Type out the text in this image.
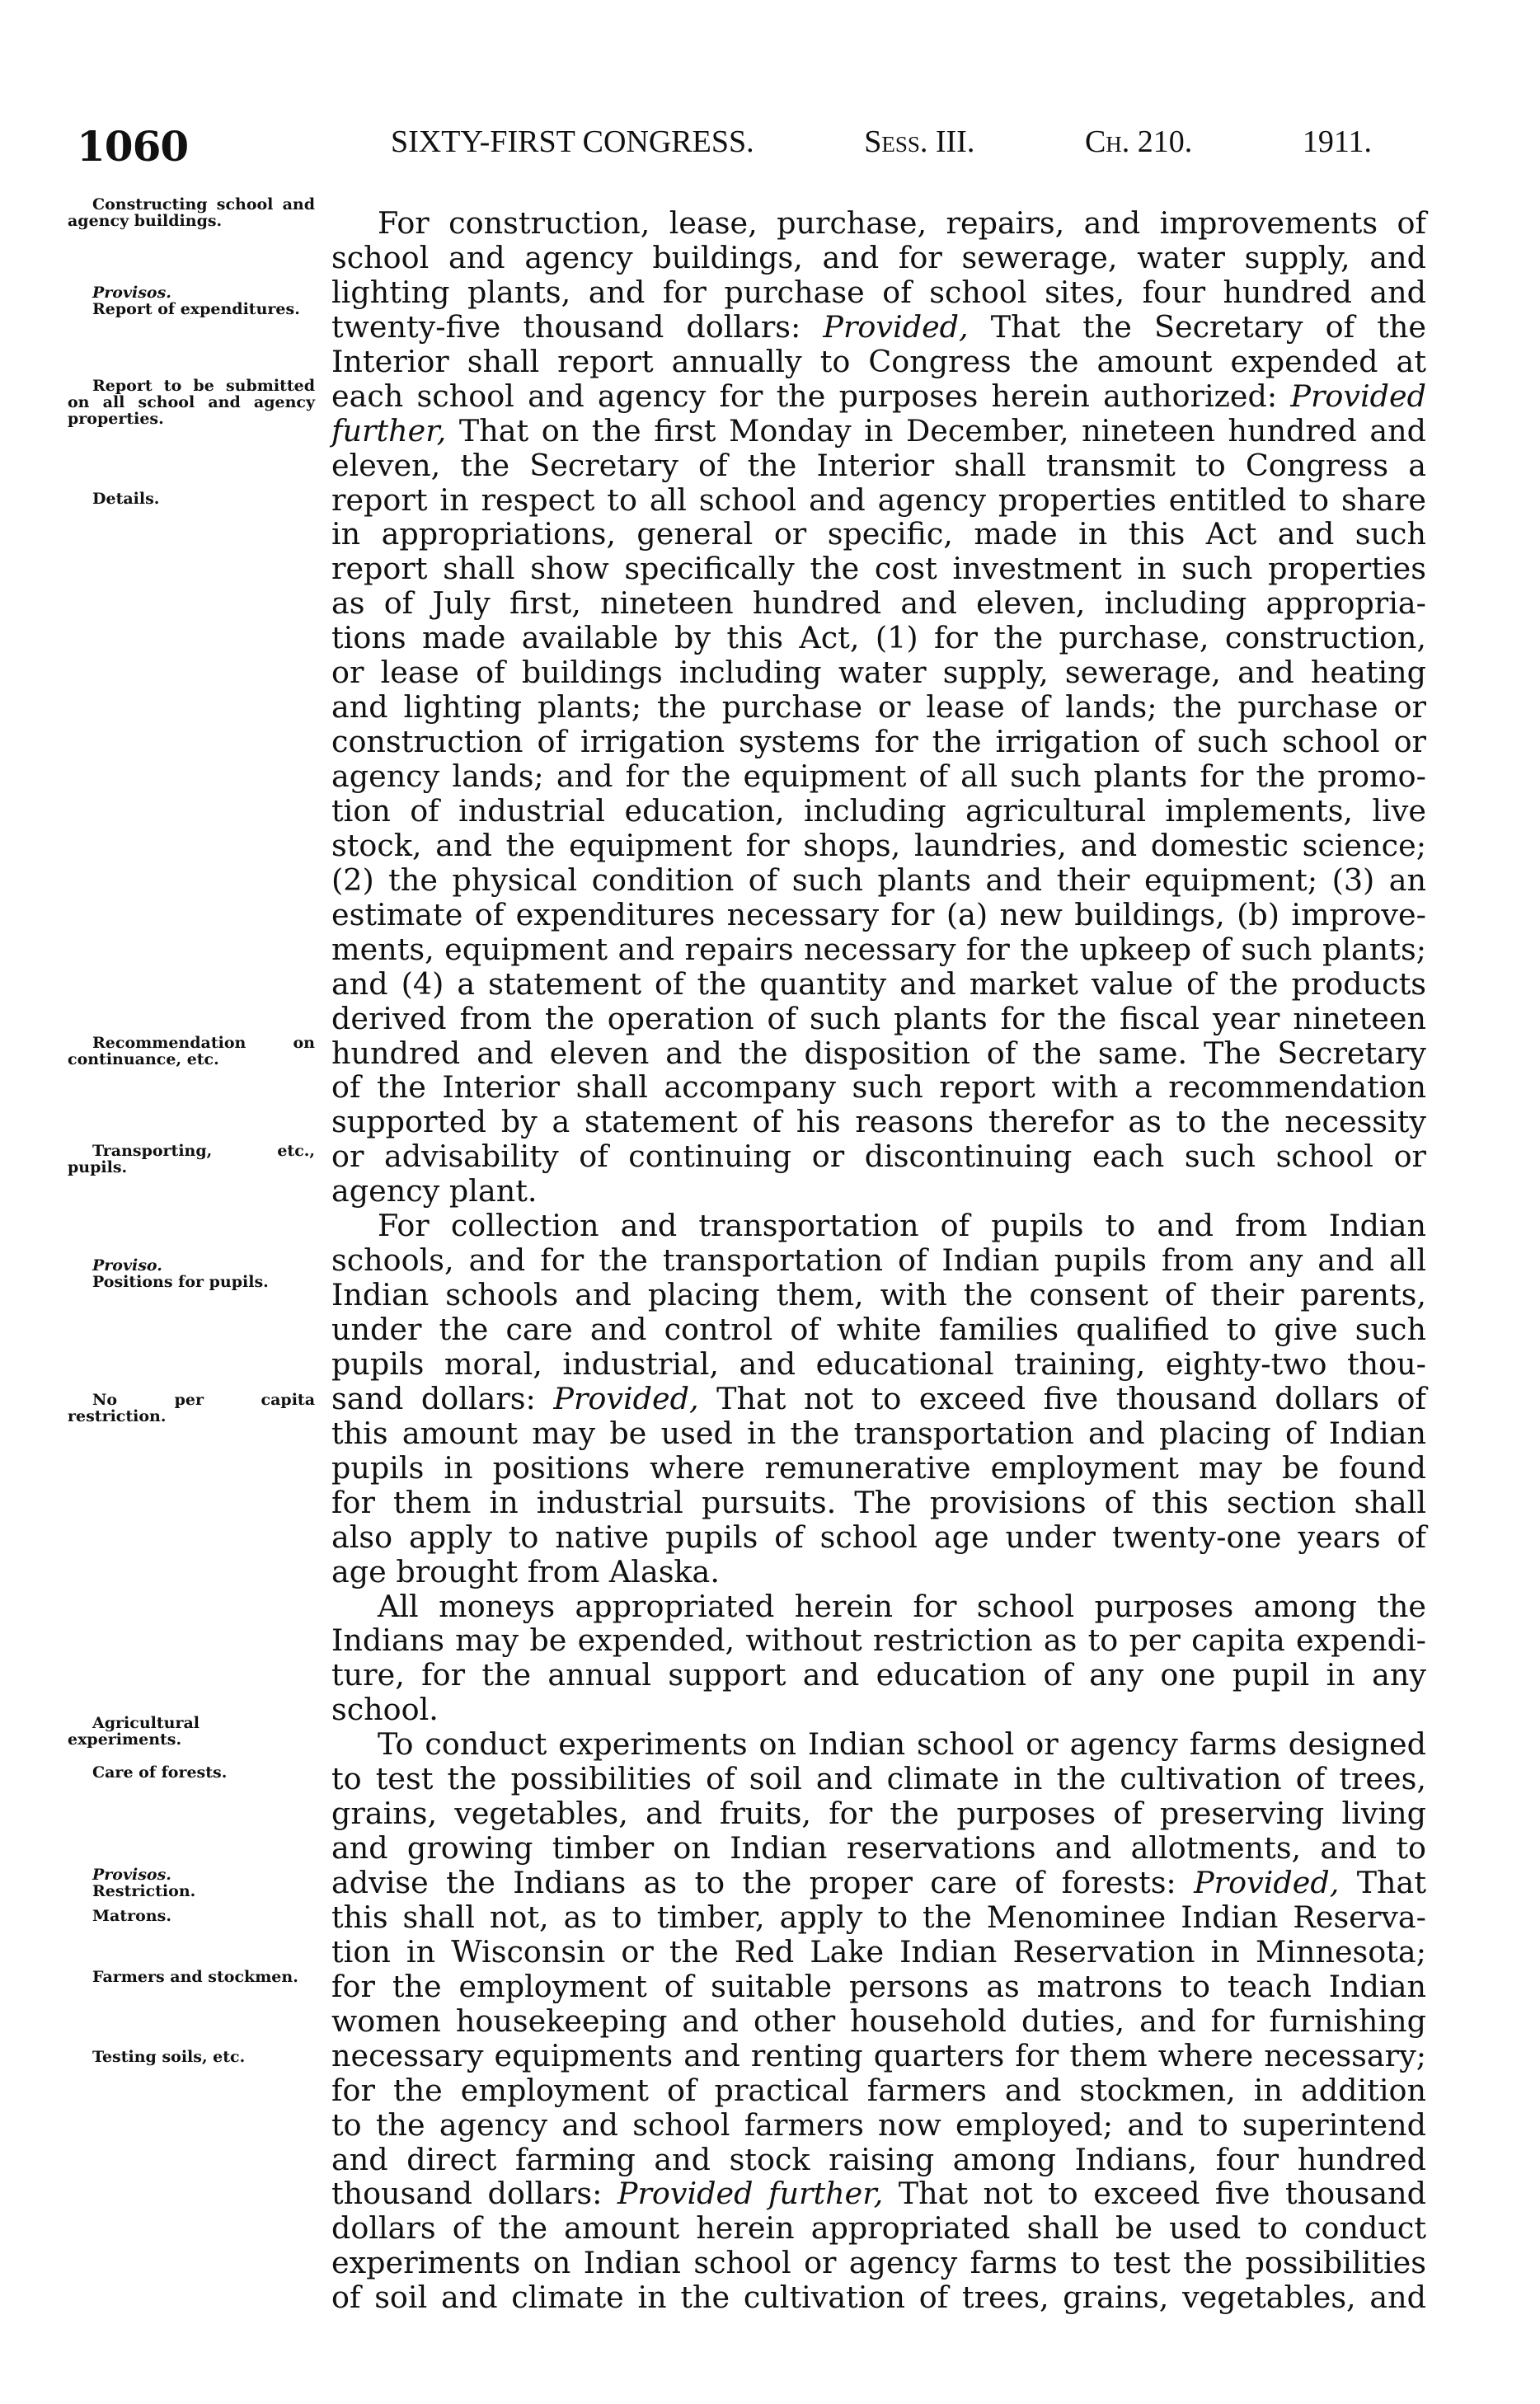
1060	SIXTY-FIRST CONGRESS.	Sess. III.	Ch. 210.	1911.
Constructing school and agency buildings.
Provisos.
Report of expenditures.
Report to be submitted on all school and agency properties.
Details.
Recommendation on continuance, etc.
Transporting, etc., pupils.
Proviso.
Positions for pupils.
No per capita restriction.
Agricultural experiments.
Care of forests.
Provisos.
Restriction.
Matrons.
Farmers and stockmen.
Testing soils, etc.
For construction, lease, purchase, repairs, and improvements of
school and agency buildings, and for sewerage, water supply, and
lighting plants, and for purchase of school sites, four hundred and
twenty-five thousand dollars: Provided, That the Secretary of the
Interior shall report annually to Congress the amount expended at
each school and agency for the purposes herein authorized: Provided
further, That on the first Monday in December, nineteen hundred and
eleven, the Secretary of the Interior shall transmit to Congress a
report in respect to all school and agency properties entitled to share
in appropriations, general or specific, made in this Act and such
report shall show specifically the cost investment in such properties
as of July first, nineteen hundred and eleven, including appropria-
tions made available by this Act, (1) for the purchase, construction,
or lease of buildings including water supply, sewerage, and heating
and lighting plants; the purchase or lease of lands; the purchase or
construction of irrigation systems for the irrigation of such school or
agency lands; and for the equipment of all such plants for the promo-
tion of industrial education, including agricultural implements, live
stock, and the equipment for shops, laundries, and domestic science;
(2) the physical condition of such plants and their equipment; (3) an
estimate of expenditures necessary for (a) new buildings, (b) improve-
ments, equipment and repairs necessary for the upkeep of such plants;
and (4) a statement of the quantity and market value of the products
derived from the operation of such plants for the fiscal year nineteen
hundred and eleven and the disposition of the same. The Secretary
of the Interior shall accompany such report with a recommendation
supported by a statement of his reasons therefor as to the necessity
or advisability of continuing or discontinuing each such school or
agency plant.
For collection and transportation of pupils to and from Indian
schools, and for the transportation of Indian pupils from any and all
Indian schools and placing them, with the consent of their parents,
under the care and control of white families qualified to give such
pupils moral, industrial, and educational training, eighty-two thou-
sand dollars: Provided, That not to exceed five thousand dollars of
this amount may be used in the transportation and placing of Indian
pupils in positions where remunerative employment may be found
for them in industrial pursuits. The provisions of this section shall
also apply to native pupils of school age under twenty-one years of
age brought from Alaska.
All moneys appropriated herein for school purposes among the
Indians may be expended, without restriction as to per capita expendi-
ture, for the annual support and education of any one pupil in any
school.
To conduct experiments on Indian school or agency farms designed
to test the possibilities of soil and climate in the cultivation of trees,
grains, vegetables, and fruits, for the purposes of preserving living
and growing timber on Indian reservations and allotments, and to
advise the Indians as to the proper care of forests: Provided, That
this shall not, as to timber, apply to the Menominee Indian Reserva-
tion in Wisconsin or the Red Lake Indian Reservation in Minnesota;
for the employment of suitable persons as matrons to teach Indian
women housekeeping and other household duties, and for furnishing
necessary equipments and renting quarters for them where necessary;
for the employment of practical farmers and stockmen, in addition
to the agency and school farmers now employed; and to superintend
and direct farming and stock raising among Indians, four hundred
thousand dollars: Provided further, That not to exceed five thousand
dollars of the amount herein appropriated shall be used to conduct
experiments on Indian school or agency farms to test the possibilities
of soil and climate in the cultivation of trees, grains, vegetables, and
